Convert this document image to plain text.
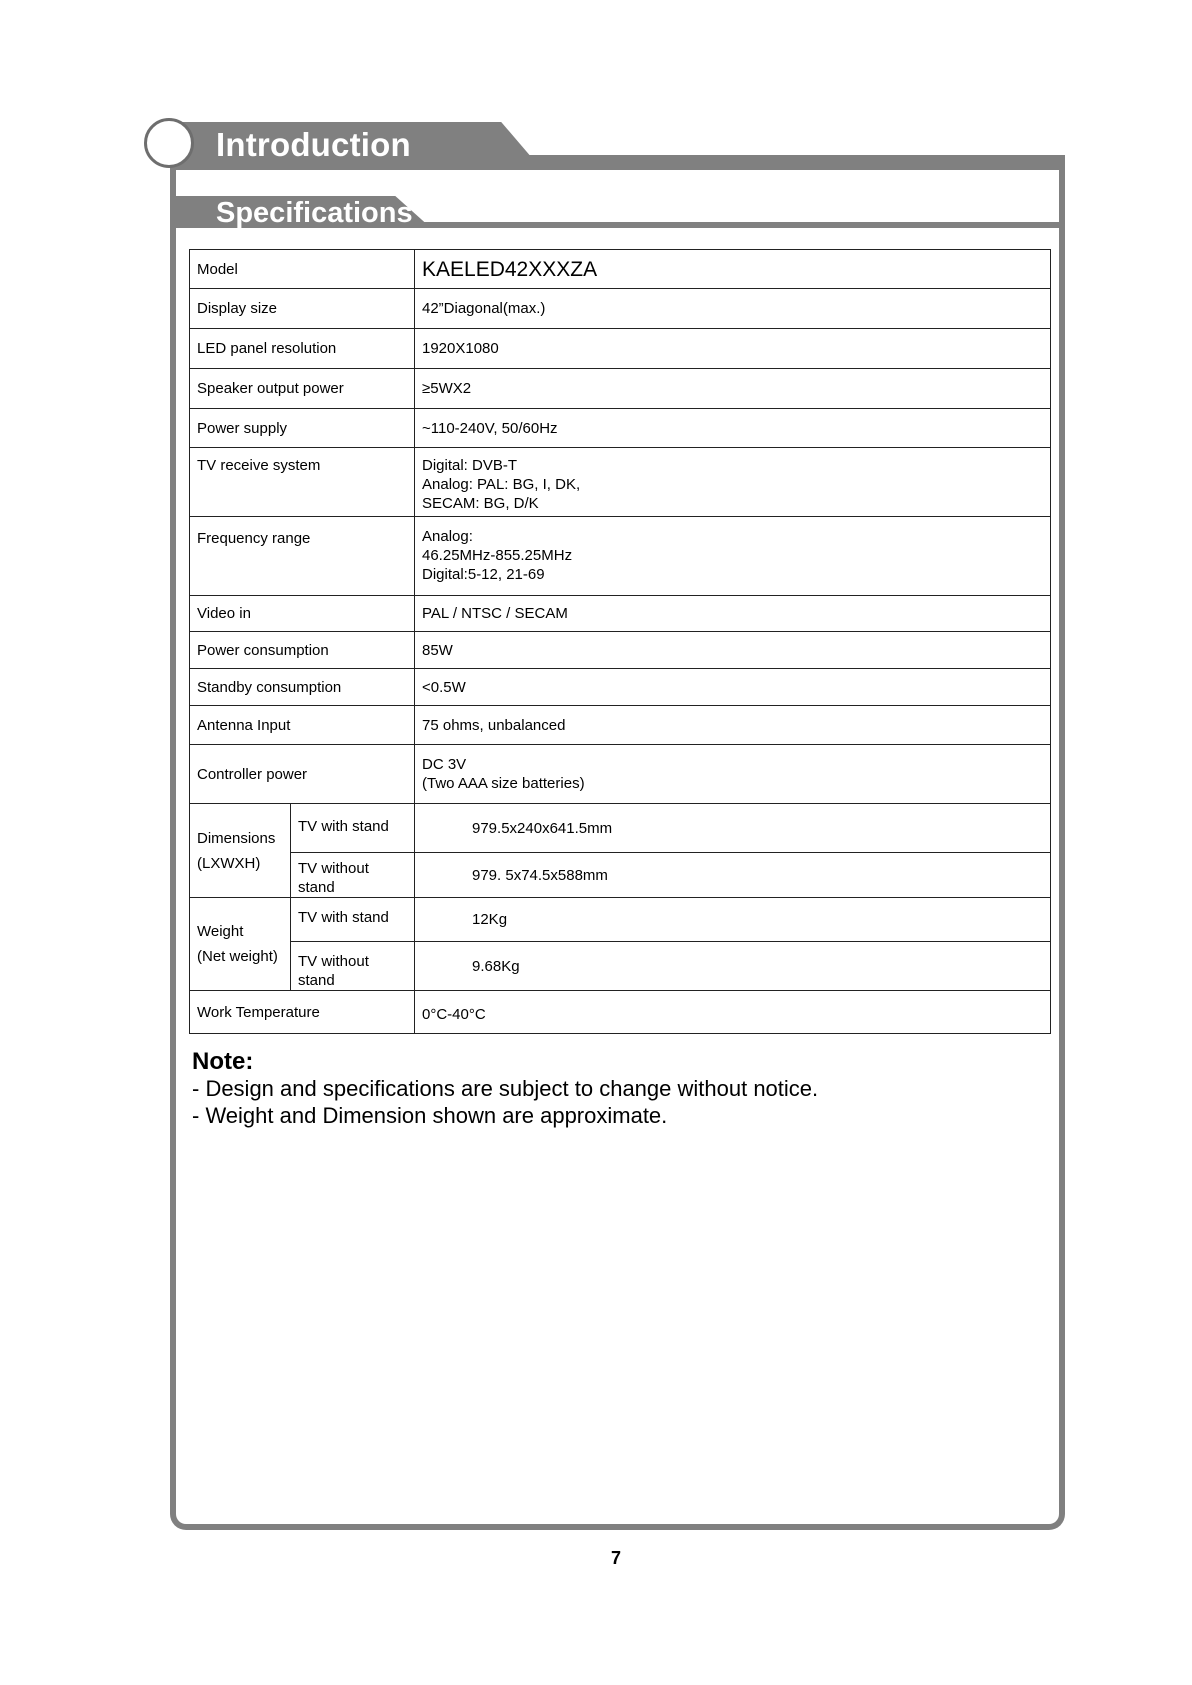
Introduction
Specifications
Model		KAELED42XXXZA

Display size		42”Diagonal(max.)

LED panel resolution		1920X1080

Speaker output power		≥5WX2

Power supply		~110-240V, 50/60Hz

TV receive system		Digital: DVB-T
Analog: PAL: BG, I, DK,
SECAM: BG, D/K

Frequency range		Analog:
46.25MHz-855.25MHz
Digital:5-12, 21-69

Video in		PAL / NTSC / SECAM

Power consumption		85W

Standby consumption		<0.5W

Antenna Input		75 ohms, unbalanced

Controller power		DC 3V
(Two AAA size batteries)

Dimensions
(LXWXH)	TV with stand	979.5x240x641.5mm
	TV without stand	979. 5x74.5x588mm

Weight
(Net weight)	TV with stand	12Kg
	TV without stand	9.68Kg
Work Temperature		0°C-40°C
Note:
- Design and specifications are subject to change without notice.
- Weight and Dimension shown are approximate.
7
